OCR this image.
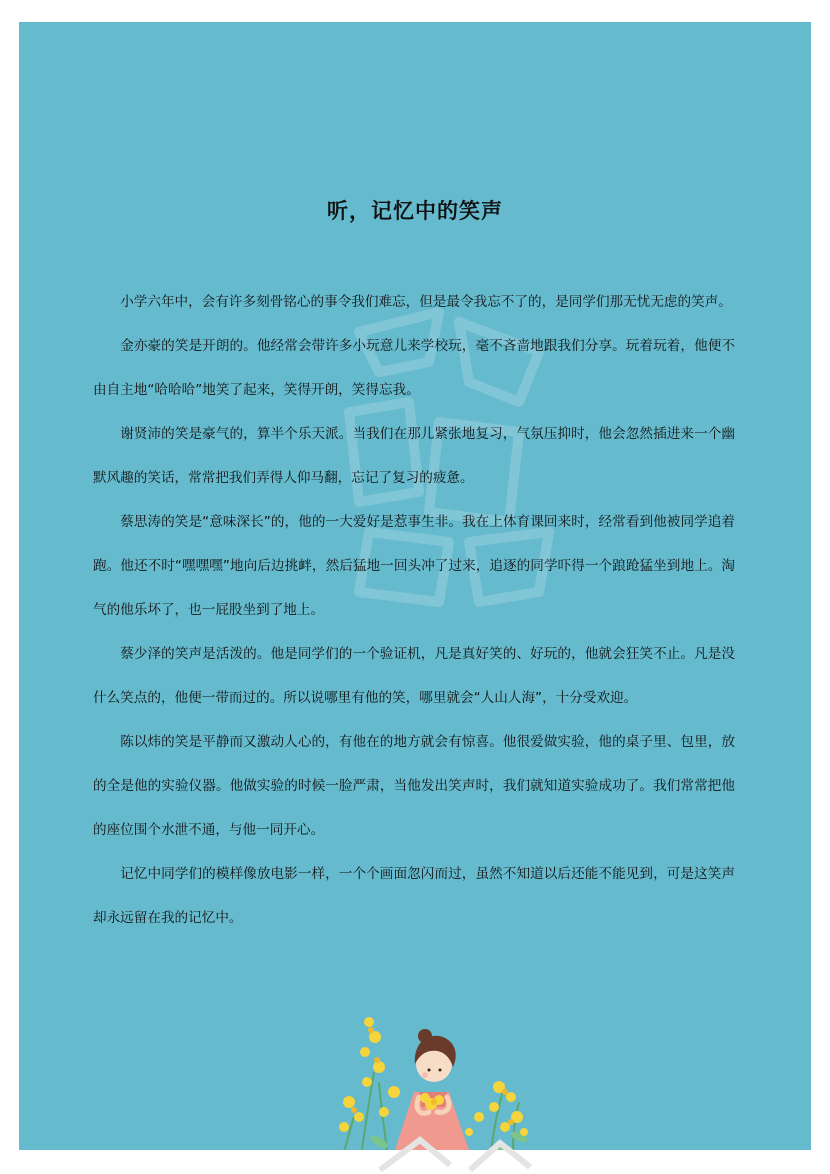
听，记忆中的笑声

小学六年中，会有许多刻骨铭心的事令我们难忘，但是最令我忘不了的，是同学们那无忧无虑的笑声。

金亦豪的笑是开朗的。他经常会带许多小玩意儿来学校玩，毫不吝啬地跟我们分享。玩着玩着，他便不由自主地“哈哈哈”地笑了起来，笑得开朗，笑得忘我。

谢贤沛的笑是豪气的，算半个乐天派。当我们在那儿紧张地复习，气氛压抑时，他会忽然插进来一个幽默风趣的笑话，常常把我们弄得人仰马翻，忘记了复习的疲惫。

蔡思涛的笑是“意味深长”的，他的一大爱好是惹事生非。我在上体育课回来时，经常看到他被同学追着跑。他还不时“嘿嘿嘿”地向后边挑衅，然后猛地一回头冲了过来，追逐的同学吓得一个踉跄猛坐到地上。淘气的他乐坏了，也一屁股坐到了地上。

蔡少泽的笑声是活泼的。他是同学们的一个验证机，凡是真好笑的、好玩的，他就会狂笑不止。凡是没什么笑点的，他便一带而过的。所以说哪里有他的笑，哪里就会“人山人海”，十分受欢迎。

陈以炜的笑是平静而又激动人心的，有他在的地方就会有惊喜。他很爱做实验，他的桌子里、包里，放的全是他的实验仪器。他做实验的时候一脸严肃，当他发出笑声时，我们就知道实验成功了。我们常常把他的座位围个水泄不通，与他一同开心。

记忆中同学们的模样像放电影一样，一个个画面忽闪而过，虽然不知道以后还能不能见到，可是这笑声却永远留在我的记忆中。
